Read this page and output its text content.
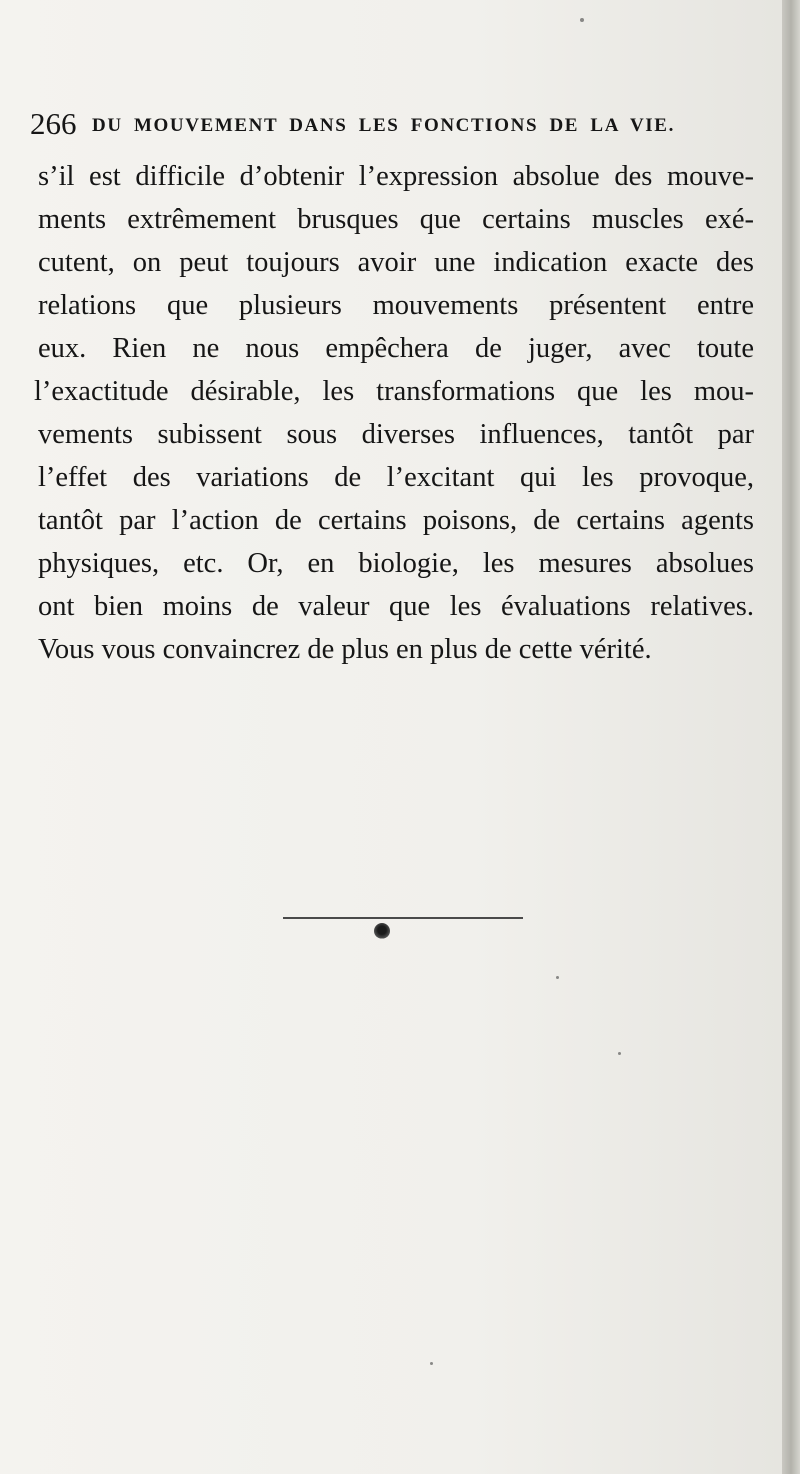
266 DU MOUVEMENT DANS LES FONCTIONS DE LA VIE.
s’il est difficile d’obtenir l’expression absolue des mouve-
ments extrêmement brusques que certains muscles exé-
cutent, on peut toujours avoir une indication exacte des
relations que plusieurs mouvements présentent entre
eux. Rien ne nous empêchera de juger, avec toute
l’exactitude désirable, les transformations que les mou-
vements subissent sous diverses influences, tantôt par
l’effet des variations de l’excitant qui les provoque,
tantôt par l’action de certains poisons, de certains agents
physiques, etc. Or, en biologie, les mesures absolues
ont bien moins de valeur que les évaluations relatives.
Vous vous convaincrez de plus en plus de cette vérité.
